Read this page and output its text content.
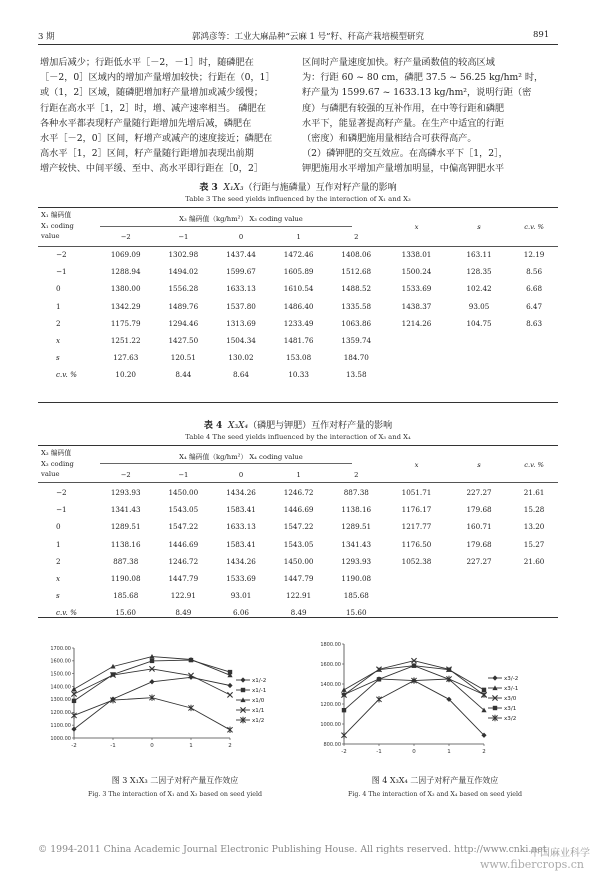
3 期	郭鸿彦等：工业大麻品种“云麻 1 号”籽、秆高产栽培模型研究	891
增加后减少；行距低水平［－2，－1］时，随磷肥在
［－2，0］区域内的增加产量增加较快；行距在（0，1］
或（1，2］区域，随磷肥增加籽产量增加或减少缓慢；
行距在高水平［1，2］时，增、减产速率相当。 磷肥在
各种水平都表现籽产量随行距增加先增后减，磷肥在
水平［－2，0］区间，籽增产或减产的速度接近；磷肥在
高水平［1，2］区间，籽产量随行距增加表现出前期
增产较快、中间平缓、至中、高水平即行距在［0，2］
区间时产量速度加快。籽产量函数值的较高区域
为：行距 60 ~ 80 cm，磷肥 37.5 ~ 56.25 kg/hm² 时，
籽产量为 1599.67 ~ 1633.13 kg/hm²，说明行距（密
度）与磷肥有较强的互补作用，在中等行距和磷肥
水平下，能显著提高籽产量。在生产中适宜的行距
（密度）和磷肥施用量相结合可获得高产。
（2）磷钾肥的交互效应。在高磷水平下［1，2］，
钾肥施用水平增加产量增加明显，中偏高钾肥水平
表 3 X₁X₃（行距与施磷量）互作对籽产量的影响
Table 3 The seed yields influenced by the interaction of X₁ and X₃
X₁ 编码值
X₁ coding
value	X₃ 编码值（kg/hm²） X₃ coding value					x	s	c.v. %
	−2	−1	0	1	2			
−2	1069.09	1302.98	1437.44	1472.46	1408.06	1338.01	163.11	12.19
−1	1288.94	1494.02	1599.67	1605.89	1512.68	1500.24	128.35	8.56
0	1380.00	1556.28	1633.13	1610.54	1488.52	1533.69	102.42	6.68
1	1342.29	1489.76	1537.80	1486.40	1335.58	1438.37	93.05	6.47
2	1175.79	1294.46	1313.69	1233.49	1063.86	1214.26	104.75	8.63
x	1251.22	1427.50	1504.34	1481.76	1359.74			
s	127.63	120.51	130.02	153.08	184.70			
c.v. %	10.20	8.44	8.64	10.33	13.58			
表 4 X₃X₄（磷肥与钾肥）互作对籽产量的影响
Table 4 The seed yields influenced by the interaction of X₃ and X₄
X₃ 编码值
X₃ coding
value	X₄ 编码值（kg/hm²） X₄ coding value					x	s	c.v. %
	−2	−1	0	1	2			
−2	1293.93	1450.00	1434.26	1246.72	887.38	1051.71	227.27	21.61
−1	1341.43	1543.05	1583.41	1446.69	1138.16	1176.17	179.68	15.28
0	1289.51	1547.22	1633.13	1547.22	1289.51	1217.77	160.71	13.20
1	1138.16	1446.69	1583.41	1543.05	1341.43	1176.50	179.68	15.27
2	887.38	1246.72	1434.26	1450.00	1293.93	1052.38	227.27	21.60
x	1190.08	1447.79	1533.69	1447.79	1190.08			
s	185.68	122.91	93.01	122.91	185.68			
c.v. %	15.60	8.49	6.06	8.49	15.60			
1000.00
1100.00
1200.00
1300.00
1400.00
1500.00
1600.00
1700.00
-2	-1	0	1	2
x1/-2
x1/-1
x1/0
x1/1
x1/2
800.00
1000.00
1200.00
1400.00
1600.00
1800.00
-2	-1	0	1	2
x3/-2
x3/-1
x3/0
x3/1
x3/2
图 3 X₁X₃ 二因子对籽产量互作效应
Fig. 3 The interaction of X₁ and X₃ based on seed yield
图 4 X₃X₄ 二因子对籽产量互作效应
Fig. 4 The interaction of X₃ and X₄ based on seed yield
© 1994-2011 China Academic Journal Electronic Publishing House. All rights reserved. http://www.cnki.net
中国麻业科学
www.fibercrops.cn
